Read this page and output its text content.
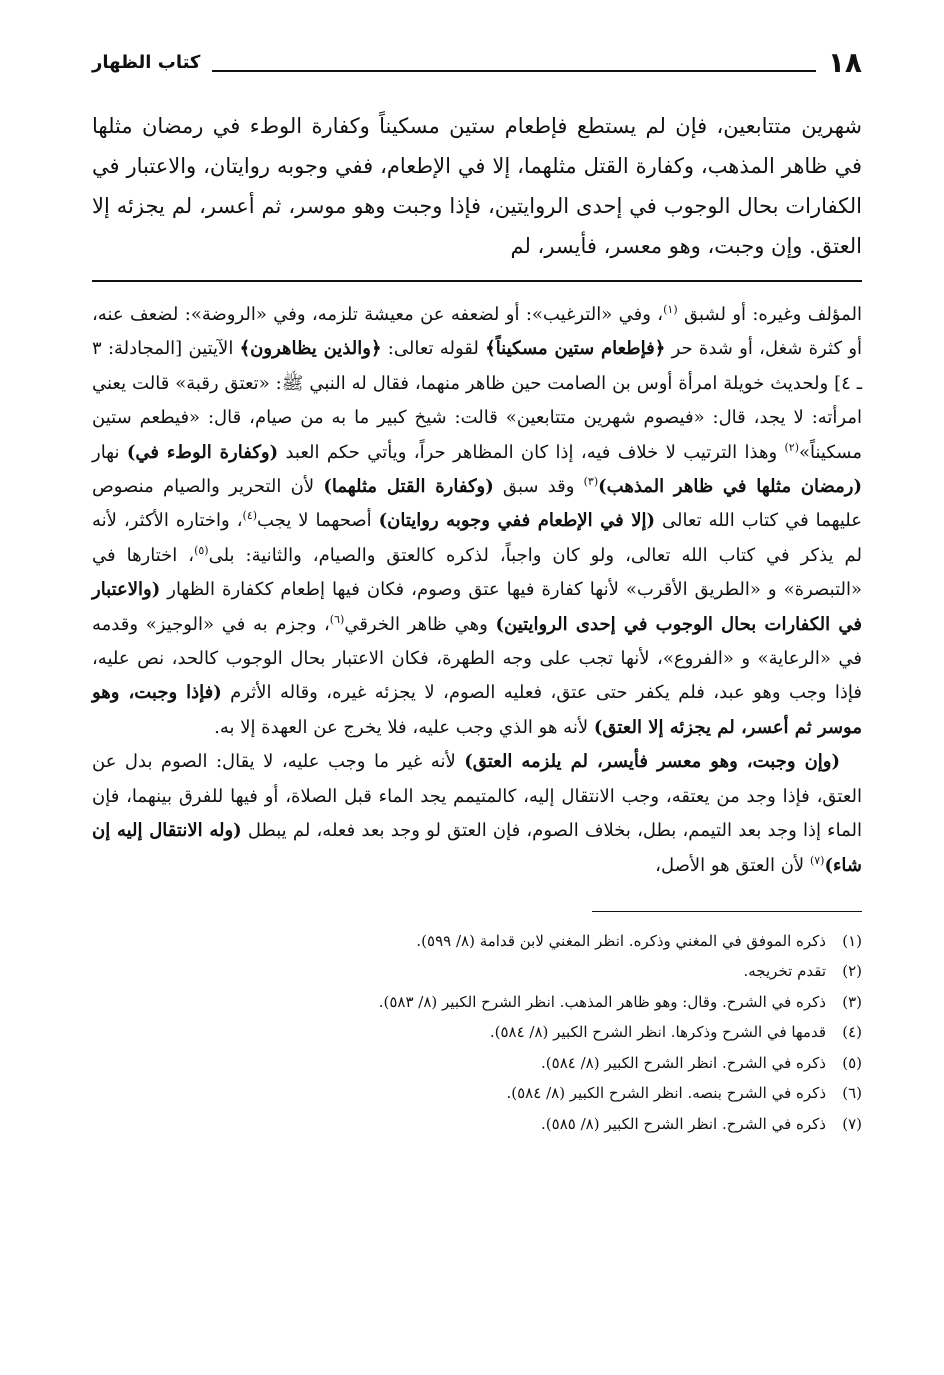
١٨
كتاب الظهار
شهرين متتابعين، فإن لم يستطع فإطعام ستين مسكيناً وكفارة الوطء في رمضان مثلها في ظاهر المذهب، وكفارة القتل مثلهما، إلا في الإطعام، ففي وجوبه روايتان، والاعتبار في الكفارات بحال الوجوب في إحدى الروايتين، فإذا وجبت وهو موسر، ثم أعسر، لم يجزئه إلا العتق. وإن وجبت، وهو معسر، فأيسر، لم

المؤلف وغيره: أو لشبق $^{(١)}$، وفي «الترغيب»: أو لضعفه عن معيشة تلزمه، وفي «الروضة»: لضعف عنه، أو كثرة شغل، أو شدة حر ﴿فإطعام ستين مسكيناً﴾ لقوله تعالى: ﴿والذين يظاهرون﴾ الآيتين [المجادلة: ٣ ـ ٤] ولحديث خويلة امرأة أوس بن الصامت حين ظاهر منهما، فقال له النبي ﷺ: «تعتق رقبة» قالت يعني امرأته: لا يجد، قال: «فيصوم شهرين متتابعين» قالت: شيخ كبير ما به من صيام، قال: «فيطعم ستين مسكيناً»$^{(٢)}$ وهذا الترتيب لا خلاف فيه، إذا كان المظاهر حراً، ويأتي حكم العبد (وكفارة الوطء في) نهار (رمضان مثلها في ظاهر المذهب)$^{(٣)}$ وقد سبق (وكفارة القتل مثلهما) لأن التحرير والصيام منصوص عليهما في كتاب الله تعالى (إلا في الإطعام ففي وجوبه روايتان) أصحهما لا يجب$^{(٤)}$، واختاره الأكثر، لأنه لم يذكر في كتاب الله تعالى، ولو كان واجباً، لذكره كالعتق والصيام، والثانية: بلى$^{(٥)}$، اختارها في «التبصرة» و «الطريق الأقرب» لأنها كفارة فيها عتق وصوم، فكان فيها إطعام ككفارة الظهار (والاعتبار في الكفارات بحال الوجوب في إحدى الروايتين) وهي ظاهر الخرقي$^{(٦)}$، وجزم به في «الوجيز» وقدمه في «الرعاية» و «الفروع»، لأنها تجب على وجه الطهرة، فكان الاعتبار بحال الوجوب كالحد، نص عليه، فإذا وجب وهو عبد، فلم يكفر حتى عتق، فعليه الصوم، لا يجزئه غيره، وقاله الأثرم (فإذا وجبت، وهو موسر ثم أعسر، لم يجزئه إلا العتق) لأنه هو الذي وجب عليه، فلا يخرج عن العهدة إلا به.

(وإن وجبت، وهو معسر فأيسر، لم يلزمه العتق) لأنه غير ما وجب عليه، لا يقال: الصوم بدل عن العتق، فإذا وجد من يعتقه، وجب الانتقال إليه، كالمتيمم يجد الماء قبل الصلاة، أو فيها للفرق بينهما، فإن الماء إذا وجد بعد التيمم، بطل، بخلاف الصوم، فإن العتق لو وجد بعد فعله، لم يبطل (وله الانتقال إليه إن شاء)$^{(٧)}$ لأن العتق هو الأصل،

(١)
ذكره الموفق في المغني وذكره. انظر المغني لابن قدامة (٨/ ٥٩٩).
(٢)
تقدم تخريجه.
(٣)
ذكره في الشرح. وقال: وهو ظاهر المذهب. انظر الشرح الكبير (٨/ ٥٨٣).
(٤)
قدمها في الشرح وذكرها. انظر الشرح الكبير (٨/ ٥٨٤).
(٥)
ذكره في الشرح. انظر الشرح الكبير (٨/ ٥٨٤).
(٦)
ذكره في الشرح بنصه. انظر الشرح الكبير (٨/ ٥٨٤).
(٧)
ذكره في الشرح. انظر الشرح الكبير (٨/ ٥٨٥).
